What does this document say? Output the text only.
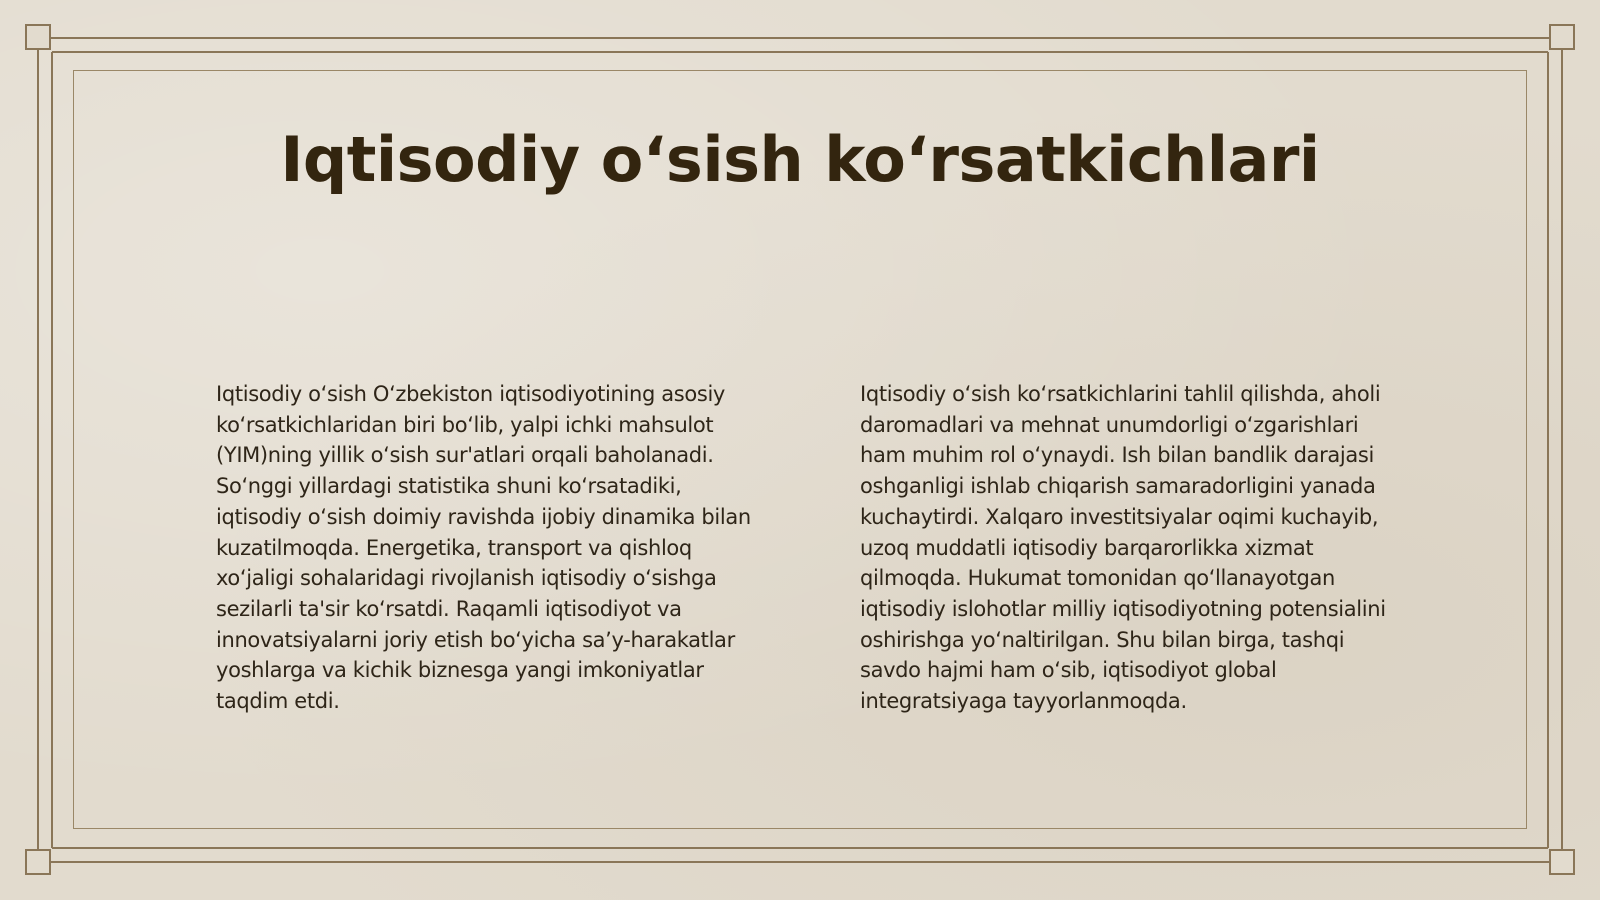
Iqtisodiy oʻsish koʻrsatkichlari

Iqtisodiy oʻsish Oʻzbekiston iqtisodiyotining asosiy koʻrsatkichlaridan biri boʻlib, yalpi ichki mahsulot (YIM)ning yillik oʻsish sur'atlari orqali baholanadi. Soʻnggi yillardagi statistika shuni koʻrsatadiki, iqtisodiy oʻsish doimiy ravishda ijobiy dinamika bilan kuzatilmoqda. Energetika, transport va qishloq xoʻjaligi sohalaridagi rivojlanish iqtisodiy oʻsishga sezilarli ta'sir koʻrsatdi. Raqamli iqtisodiyot va innovatsiyalarni joriy etish boʻyicha saʼy-harakatlar yoshlarga va kichik biznesga yangi imkoniyatlar taqdim etdi.

Iqtisodiy oʻsish koʻrsatkichlarini tahlil qilishda, aholi daromadlari va mehnat unumdorligi oʻzgarishlari ham muhim rol oʻynaydi. Ish bilan bandlik darajasi oshganligi ishlab chiqarish samaradorligini yanada kuchaytirdi. Xalqaro investitsiyalar oqimi kuchayib, uzoq muddatli iqtisodiy barqarorlikka xizmat qilmoqda. Hukumat tomonidan qoʻllanayotgan iqtisodiy islohotlar milliy iqtisodiyotning potensialini oshirishga yoʻnaltirilgan. Shu bilan birga, tashqi savdo hajmi ham oʻsib, iqtisodiyot global integratsiyaga tayyorlanmoqda.
